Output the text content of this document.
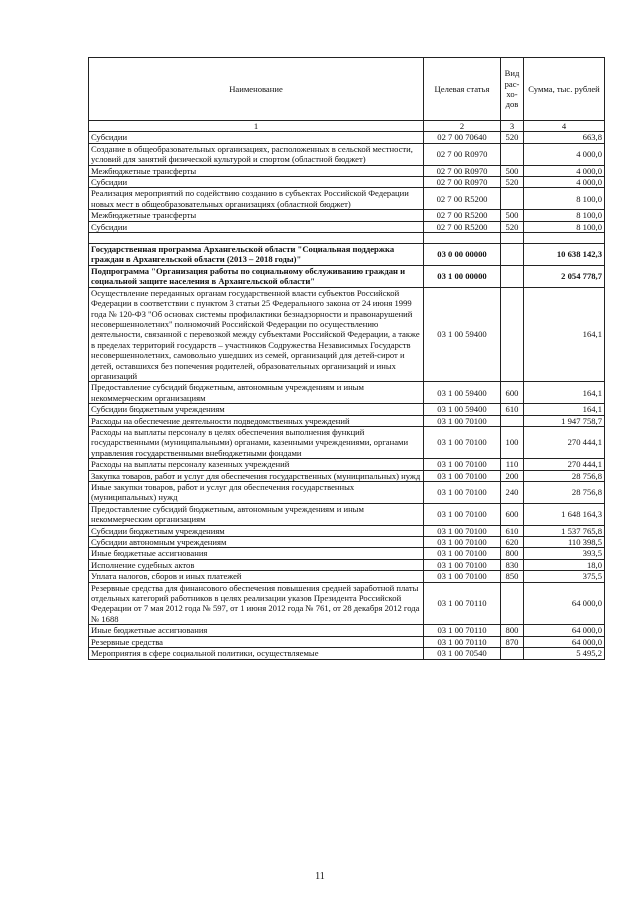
Наименование	Целевая статья	Вид рас-хо-дов	Сумма, тыс. рублей
1	2	3	4
Субсидии	02 7 00 70640	520	663,8
Создание в общеобразовательных организациях, расположенных в сельской местности, условий для занятий физической культурой и спортом (областной бюджет)	02 7 00 R0970		4 000,0
Межбюджетные трансферты	02 7 00 R0970	500	4 000,0
Субсидии	02 7 00 R0970	520	4 000,0
Реализация мероприятий по содействию созданию в субъектах Российской Федерации новых мест в общеобразовательных организациях (областной бюджет)	02 7 00 R5200		8 100,0
Межбюджетные трансферты	02 7 00 R5200	500	8 100,0
Субсидии	02 7 00 R5200	520	8 100,0

Государственная программа Архангельской области "Социальная поддержка граждан в Архангельской области (2013 – 2018 годы)"	03 0 00 00000		10 638 142,3
Подпрограмма "Организация работы по социальному обслуживанию граждан и социальной защите населения в Архангельской области"	03 1 00 00000		2 054 778,7
Осуществление переданных органам государственной власти субъектов Российской Федерации в соответствии с пунктом 3 статьи 25 Федерального закона от 24 июня 1999 года № 120-ФЗ "Об основах системы профилактики безнадзорности и правонарушений несовершеннолетних" полномочий Российской Федерации по осуществлению деятельности, связанной с перевозкой между субъектами Российской Федерации, а также в пределах территорий государств – участников Содружества Независимых Государств несовершеннолетних, самовольно ушедших из семей, организаций для детей-сирот и детей, оставшихся без попечения родителей, образовательных организаций и иных организаций	03 1 00 59400		164,1
Предоставление субсидий бюджетным, автономным учреждениям и иным некоммерческим организациям	03 1 00 59400	600	164,1
Субсидии бюджетным учреждениям	03 1 00 59400	610	164,1
Расходы на обеспечение деятельности подведомственных учреждений	03 1 00 70100		1 947 758,7
Расходы на выплаты персоналу в целях обеспечения выполнения функций государственными (муниципальными) органами, казенными учреждениями, органами управления государственными внебюджетными фондами	03 1 00 70100	100	270 444,1
Расходы на выплаты персоналу казенных учреждений	03 1 00 70100	110	270 444,1
Закупка товаров, работ и услуг для обеспечения государственных (муниципальных) нужд	03 1 00 70100	200	28 756,8
Иные закупки товаров, работ и услуг для обеспечения государственных (муниципальных) нужд	03 1 00 70100	240	28 756,8
Предоставление субсидий бюджетным, автономным учреждениям и иным некоммерческим организациям	03 1 00 70100	600	1 648 164,3
Субсидии бюджетным учреждениям	03 1 00 70100	610	1 537 765,8
Субсидии автономным учреждениям	03 1 00 70100	620	110 398,5
Иные бюджетные ассигнования	03 1 00 70100	800	393,5
Исполнение судебных актов	03 1 00 70100	830	18,0
Уплата налогов, сборов и иных платежей	03 1 00 70100	850	375,5
Резервные средства для финансового обеспечения повышения средней заработной платы отдельных категорий работников в целях реализации указов Президента Российской Федерации от 7 мая 2012 года № 597, от 1 июня 2012 года № 761, от 28 декабря 2012 года № 1688	03 1 00 70110		64 000,0
Иные бюджетные ассигнования	03 1 00 70110	800	64 000,0
Резервные средства	03 1 00 70110	870	64 000,0
Мероприятия в сфере социальной политики, осуществляемые	03 1 00 70540		5 495,2
11
